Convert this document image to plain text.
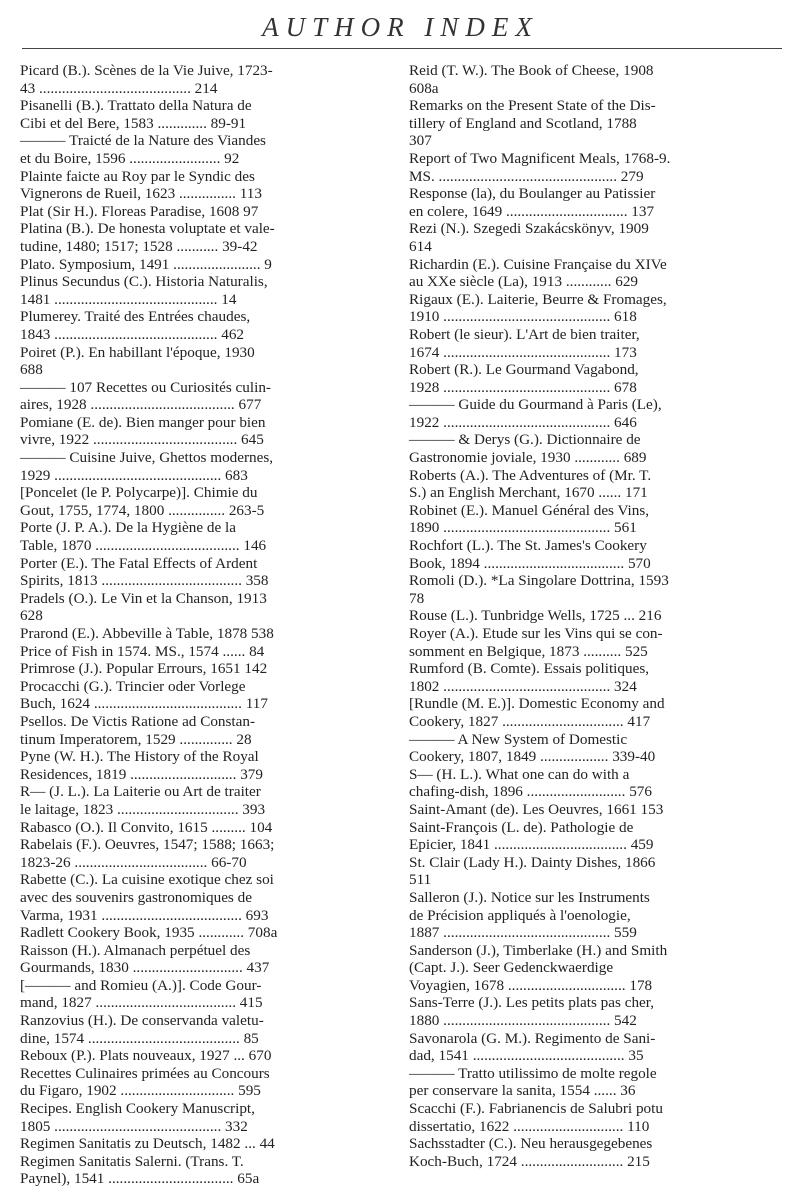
AUTHOR INDEX
Picard (B.). Scènes de la Vie Juive, 1723-
43 ........................................ 214
Pisanelli (B.). Trattato della Natura de
Cibi et del Bere, 1583 ............. 89-91
——— Traicté de la Nature des Viandes
et du Boire, 1596 ........................ 92
Plainte faicte au Roy par le Syndic des
Vignerons de Rueil, 1623 ............... 113
Plat (Sir H.). Floreas Paradise, 1608 97
Platina (B.). De honesta voluptate et vale-
tudine, 1480; 1517; 1528 ........... 39-42
Plato. Symposium, 1491 ....................... 9
Plinus Secundus (C.). Historia Naturalis,
1481 ........................................... 14
Plumerey. Traité des Entrées chaudes,
1843 ........................................... 462
Poiret (P.). En habillant l'époque, 1930
688
——— 107 Recettes ou Curiosités culin-
aires, 1928 ...................................... 677
Pomiane (E. de). Bien manger pour bien
vivre, 1922 ...................................... 645
——— Cuisine Juive, Ghettos modernes,
1929 ............................................ 683
[Poncelet (le P. Polycarpe)]. Chimie du
Gout, 1755, 1774, 1800 ............... 263-5
Porte (J. P. A.). De la Hygiène de la
Table, 1870 ...................................... 146
Porter (E.). The Fatal Effects of Ardent
Spirits, 1813 ..................................... 358
Pradels (O.). Le Vin et la Chanson, 1913
628
Prarond (E.). Abbeville à Table, 1878 538
Price of Fish in 1574. MS., 1574 ...... 84
Primrose (J.). Popular Errours, 1651 142
Procacchi (G.). Trincier oder Vorlege
Buch, 1624 ....................................... 117
Psellos. De Victis Ratione ad Constan-
tinum Imperatorem, 1529 .............. 28
Pyne (W. H.). The History of the Royal
Residences, 1819 ............................ 379
R— (J. L.). La Laiterie ou Art de traiter
le laitage, 1823 ................................ 393
Rabasco (O.). Il Convito, 1615 ......... 104
Rabelais (F.). Oeuvres, 1547; 1588; 1663;
1823-26 ................................... 66-70
Rabette (C.). La cuisine exotique chez soi
avec des souvenirs gastronomiques de
Varma, 1931 ..................................... 693
Radlett Cookery Book, 1935 ............ 708a
Raisson (H.). Almanach perpétuel des
Gourmands, 1830 ............................. 437
[——— and Romieu (A.)]. Code Gour-
mand, 1827 ..................................... 415
Ranzovius (H.). De conservanda valetu-
dine, 1574 ........................................ 85
Reboux (P.). Plats nouveaux, 1927 ... 670
Recettes Culinaires primées au Concours
du Figaro, 1902 .............................. 595
Recipes. English Cookery Manuscript,
1805 ............................................ 332
Regimen Sanitatis zu Deutsch, 1482 ... 44
Regimen Sanitatis Salerni. (Trans. T.
Paynel), 1541 ................................. 65a
Reid (T. W.). The Book of Cheese, 1908
608a
Remarks on the Present State of the Dis-
tillery of England and Scotland, 1788
307
Report of Two Magnificent Meals, 1768-9.
MS. ............................................... 279
Response (la), du Boulanger au Patissier
en colere, 1649 ................................ 137
Rezi (N.). Szegedi Szakácskönyv, 1909
614
Richardin (E.). Cuisine Française du XIVe
au XXe siècle (La), 1913 ............ 629
Rigaux (E.). Laiterie, Beurre & Fromages,
1910 ............................................ 618
Robert (le sieur). L'Art de bien traiter,
1674 ............................................ 173
Robert (R.). Le Gourmand Vagabond,
1928 ............................................ 678
——— Guide du Gourmand à Paris (Le),
1922 ............................................ 646
——— & Derys (G.). Dictionnaire de
Gastronomie joviale, 1930 ............ 689
Roberts (A.). The Adventures of (Mr. T.
S.) an English Merchant, 1670 ...... 171
Robinet (E.). Manuel Général des Vins,
1890 ............................................ 561
Rochfort (L.). The St. James's Cookery
Book, 1894 ..................................... 570
Romoli (D.). *La Singolare Dottrina, 1593
78
Rouse (L.). Tunbridge Wells, 1725 ... 216
Royer (A.). Etude sur les Vins qui se con-
somment en Belgique, 1873 .......... 525
Rumford (B. Comte). Essais politiques,
1802 ............................................ 324
[Rundle (M. E.)]. Domestic Economy and
Cookery, 1827 ................................ 417
——— A New System of Domestic
Cookery, 1807, 1849 .................. 339-40
S— (H. L.). What one can do with a
chafing-dish, 1896 .......................... 576
Saint-Amant (de). Les Oeuvres, 1661 153
Saint-François (L. de). Pathologie de
Epicier, 1841 ................................... 459
St. Clair (Lady H.). Dainty Dishes, 1866
511
Salleron (J.). Notice sur les Instruments
de Précision appliqués à l'oenologie,
1887 ............................................ 559
Sanderson (J.), Timberlake (H.) and Smith
(Capt. J.). Seer Gedenckwaerdige
Voyagien, 1678 ............................... 178
Sans-Terre (J.). Les petits plats pas cher,
1880 ............................................ 542
Savonarola (G. M.). Regimento de Sani-
dad, 1541 ........................................ 35
——— Tratto utilissimo de molte regole
per conservare la sanita, 1554 ...... 36
Scacchi (F.). Fabrianencis de Salubri potu
dissertatio, 1622 ............................. 110
Sachsstadter (C.). Neu herausgegebenes
Koch-Buch, 1724 ........................... 215
